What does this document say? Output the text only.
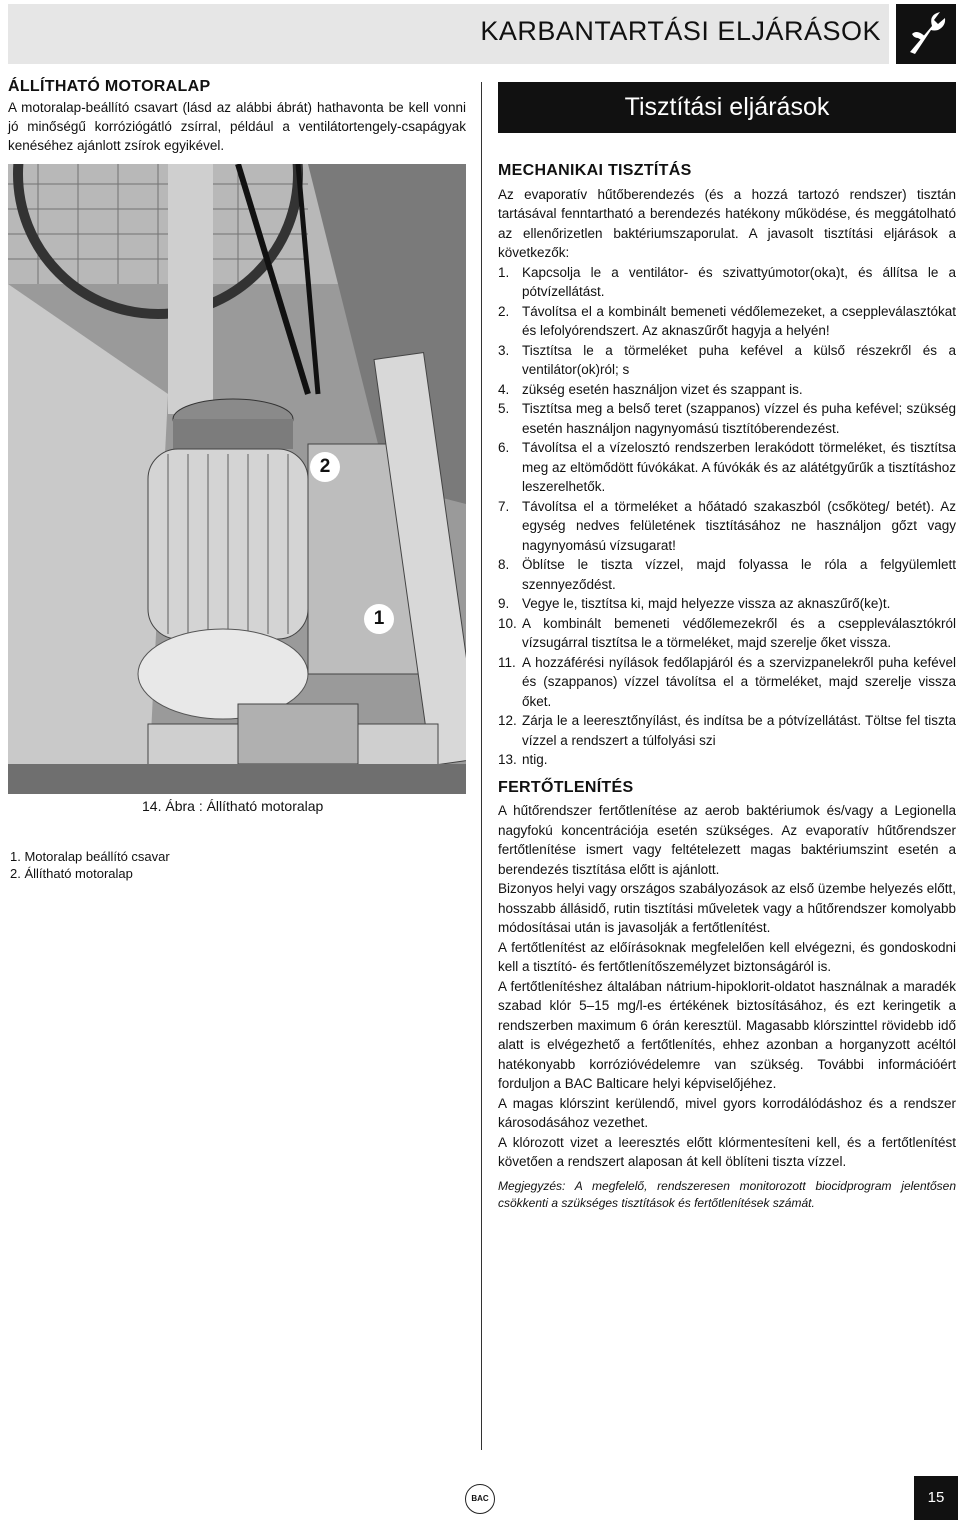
KARBANTARTÁSI ELJÁRÁSOK
ÁLLÍTHATÓ MOTORALAP

A motoralap-beállító csavart (lásd az alábbi ábrát) hathavonta be kell vonni jó minőségű korróziógátló zsírral, például a ventilátortengely-csapágyak kenéséhez ajánlott zsírok egyikével.

2
1
14. Ábra : Állítható motoralap
1. Motoralap beállító csavar
2. Állítható motoralap
Tisztítási eljárások
MECHANIKAI TISZTÍTÁS

Az evaporatív hűtőberendezés (és a hozzá tartozó rendszer) tisztán tartásával fenntartható a berendezés hatékony működése, és meggátolható az ellenőrizetlen baktériumszaporulat. A javasolt tisztítási eljárások a következők:

1. Kapcsolja le a ventilátor- és szivattyúmotor(oka)t, és állítsa le a pótvízellátást.
2. Távolítsa el a kombinált bemeneti védőlemezeket, a cseppleválasztókat és lefolyórendszert. Az aknaszűrőt hagyja a helyén!
3. Tisztítsa le a törmeléket puha kefével a külső részekről és a ventilátor(ok)ról; s
4. zükség esetén használjon vizet és szappant is.
5. Tisztítsa meg a belső teret (szappanos) vízzel és puha kefével; szükség esetén használjon nagynyomású tisztítóberendezést.
6. Távolítsa el a vízelosztó rendszerben lerakódott törmeléket, és tisztítsa meg az eltömődött fúvókákat. A fúvókák és az alátétgyűrűk a tisztításhoz leszerelhetők.
7. Távolítsa el a törmeléket a hőátadó szakaszból (csőköteg/ betét). Az egység nedves felületének tisztításához ne használjon gőzt vagy nagynyomású vízsugarat!
8. Öblítse le tiszta vízzel, majd folyassa le róla a felgyülemlett szennyeződést.
9. Vegye le, tisztítsa ki, majd helyezze vissza az aknaszűrő(ke)t.
10. A kombinált bemeneti védőlemezekről és a cseppleválasztókról vízsugárral tisztítsa le a törmeléket, majd szerelje őket vissza.
11. A hozzáférési nyílások fedőlapjáról és a szervizpanelekről puha kefével és (szappanos) vízzel távolítsa el a törmeléket, majd szerelje vissza őket.
12. Zárja le a leeresztőnyílást, és indítsa be a pótvízellátást. Töltse fel tiszta vízzel a rendszert a túlfolyási szi
13. ntig.
FERTŐTLENÍTÉS

A hűtőrendszer fertőtlenítése az aerob baktériumok és/vagy a Legionella nagyfokú koncentrációja esetén szükséges. Az evaporatív hűtőrendszer fertőtlenítése ismert vagy feltételezett magas baktériumszint esetén a berendezés tisztítása előtt is ajánlott.

Bizonyos helyi vagy országos szabályozások az első üzembe helyezés előtt, hosszabb állásidő, rutin tisztítási műveletek vagy a hűtőrendszer komolyabb módosításai után is javasolják a fertőtlenítést.

A fertőtlenítést az előírásoknak megfelelően kell elvégezni, és gondoskodni kell a tisztító- és fertőtlenítőszemélyzet biztonságáról is.

A fertőtlenítéshez általában nátrium-hipoklorit-oldatot használnak a maradék szabad klór 5–15 mg/l-es értékének biztosításához, és ezt keringetik a rendszerben maximum 6 órán keresztül. Magasabb klórszinttel rövidebb idő alatt is elvégezhető a fertőtlenítés, ehhez azonban a horganyzott acéltól hatékonyabb korrózióvédelemre van szükség. További információért forduljon a BAC Balticare helyi képviselőjéhez.

A magas klórszint kerülendő, mivel gyors korrodálódáshoz és a rendszer károsodásához vezethet.

A klórozott vizet a leeresztés előtt klórmentesíteni kell, és a fertőtlenítést követően a rendszert alaposan át kell öblíteni tiszta vízzel.

Megjegyzés: A megfelelő, rendszeresen monitorozott biocidprogram jelentősen csökkenti a szükséges tisztítások és fertőtlenítések számát.

BAC	15
